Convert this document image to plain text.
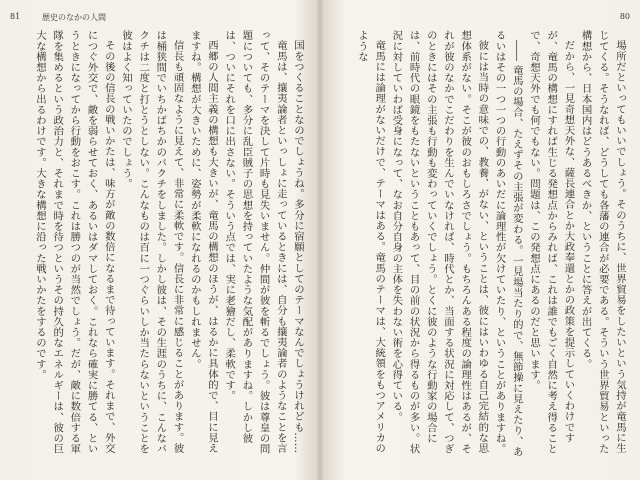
81	歴史のなかの人間

国をつくることなのでしょうね。多分に宿願としてのテーマなんでしょうけれども……

竜馬は、攘夷論者といっしょに走っているときには、自分も攘夷論者のようなことを言って、そのテーマを決して片時も見失いません。仲間が彼を斬るでしょう。彼は尊皇の問題についても、多分に乱臣賊子の思想を持っていたような気配がありますね。しかし彼は、ついにそれを口に出さない。そういう点では、実に老獪だし、柔軟です。

西郷の人間主義の構想も大きいが、竜馬の構想のほうが、はるかに具体的で、目に見えますね。構想が大きいために、姿勢が柔軟になれるのかもしれません。

信長も頑固なように見えて、非常に柔軟です。信長に非常に感じることがあります。彼は桶狭間でいちかばちかのバクチをしました。しかし彼は、その生涯のうちに、こんなバクチは二度と打とうとしない。こんなものは百に一つぐらいしか当たらないということを彼はよく知っていたのでしょう。

その後の信長の戦いかたは、味方が敵の数倍になるまで待っています。それまで、外交につぐ外交で、敵を弱らせておく、あるいはダマしておく。これなら確実に勝てる、というときになってから行動をおこす。これは勝つのが当然でしょう。だが、敵に数倍する軍隊を集めるという政治力と、それまで時を待つというその持久的なエネルギーは、彼の巨大な構想から出るわけです。大きな構想に沿った戦いかたをするのです。

80

場所だといってもいいでしょう。そのうちに、世界貿易をしたいという気持が竜馬に生じてくる。そうなれば、どうしても各藩の連合が必要である。そういう世界貿易といった構想から、日本国内はどうあるべきか、ということに答えが出てくる。

だから、一見奇想天外な、薩長連合とか大政奉還とかの政策を提示していくわけですが、竜馬の構想にすれば生じる発想点からみれば、これは誰でもごく自然に考え得ることで、奇想天外でも何でもない。問題は、この発想点にあるのだと思います。

―― 竜馬の場合、たえずその主張が変わる。一見場当たり的で、無節操に見えたり、あるいはその一つ一つの行動のあいだに論理性が欠けていたり、ということがありますね。

彼には当時の意味での、教養、がない、ということは、彼にはいわゆる自己完結的な思想体系がない。そこが彼のおもしろさでしょう。もちろんある程度の論理性はあるが、それが彼のなかでこだわりを生んでいなければ、時代とか、当面する状況に対応して、つぎのときにはその主張も行動も変わっていくでしょう。とくに彼のような行動家の場合には、前時代の眼鏡をもたないということもあって、目の前の状況から得るものが多い。状況に対していわば受身になって、なお自分自身の主体を失わない術を心得ている。

竜馬には論理がないだけで、テーマはある。竜馬のテーマは、大統領をもつアメリカのような
